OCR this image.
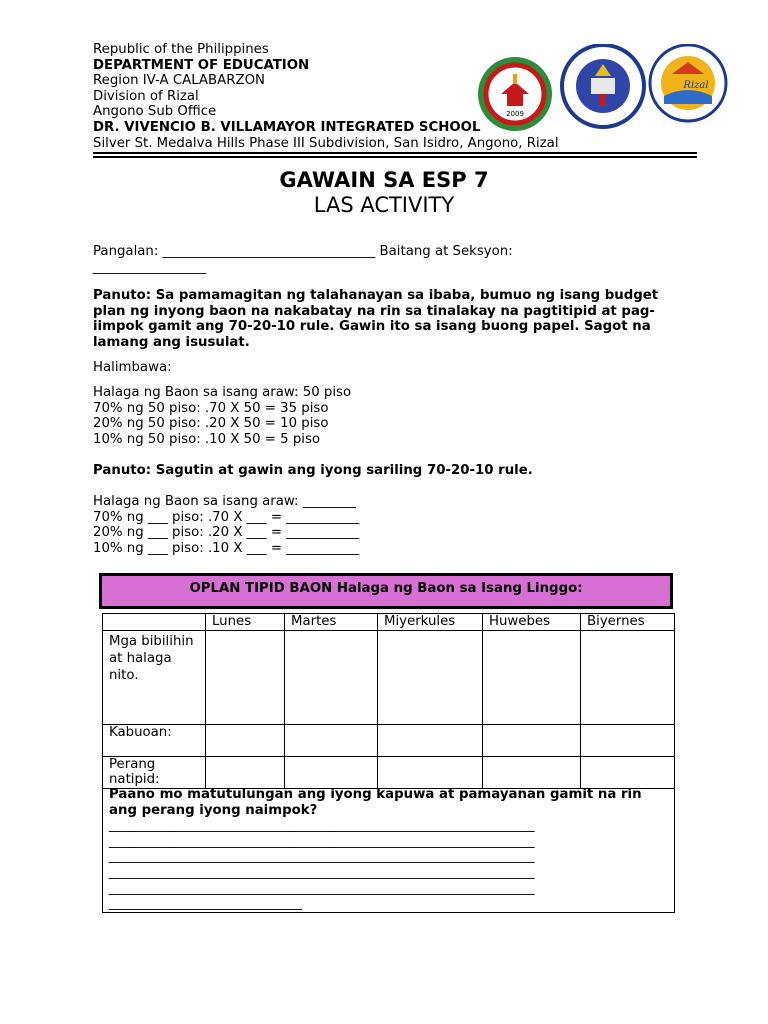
Republic of the Philippines
DEPARTMENT OF EDUCATION
Region IV-A CALABARZON
Division of Rizal
Angono Sub Office
DR. VIVENCIO B. VILLAMAYOR INTEGRATED SCHOOL
Silver St. Medalva Hills Phase III Subdivision, San Isidro, Angono, Rizal
2009
Rizal
GAWAIN SA ESP 7
LAS ACTIVITY

Pangalan: ________________________________ Baitang at Seksyon:

_________________

Panuto: Sa pamamagitan ng talahanayan sa ibaba, bumuo ng isang budget plan ng inyong baon na nakabatay na rin sa tinalakay na pagtitipid at pag-iimpok gamit ang 70-20-10 rule. Gawin ito sa isang buong papel. Sagot na lamang ang isusulat.
Halimbawa:

Halaga ng Baon sa isang araw: 50 piso

70% ng 50 piso: .70 X 50 = 35 piso

20% ng 50 piso: .20 X 50 = 10 piso

10% ng 50 piso: .10 X 50 = 5 piso

Panuto: Sagutin at gawin ang iyong sariling 70-20-10 rule.

Halaga ng Baon sa isang araw: ________

70% ng ___ piso: .70 X ___ = ___________

20% ng ___ piso: .20 X ___ = ___________

10% ng ___ piso: .10 X ___ = ___________

OPLAN TIPID BAON Halaga ng Baon sa Isang Linggo:
	Lunes	Martes	Miyerkules	Huwebes	Biyernes
Mga bibilihin at halaga nito.					
Kabuoan:					
Perang natipid:					
Paano mo matutulungan ang iyong kapuwa at pamayanan gamit na rin ang perang iyong naimpok?
________________________________________________________________
________________________________________________________________
________________________________________________________________
________________________________________________________________
________________________________________________________________
_____________________________
